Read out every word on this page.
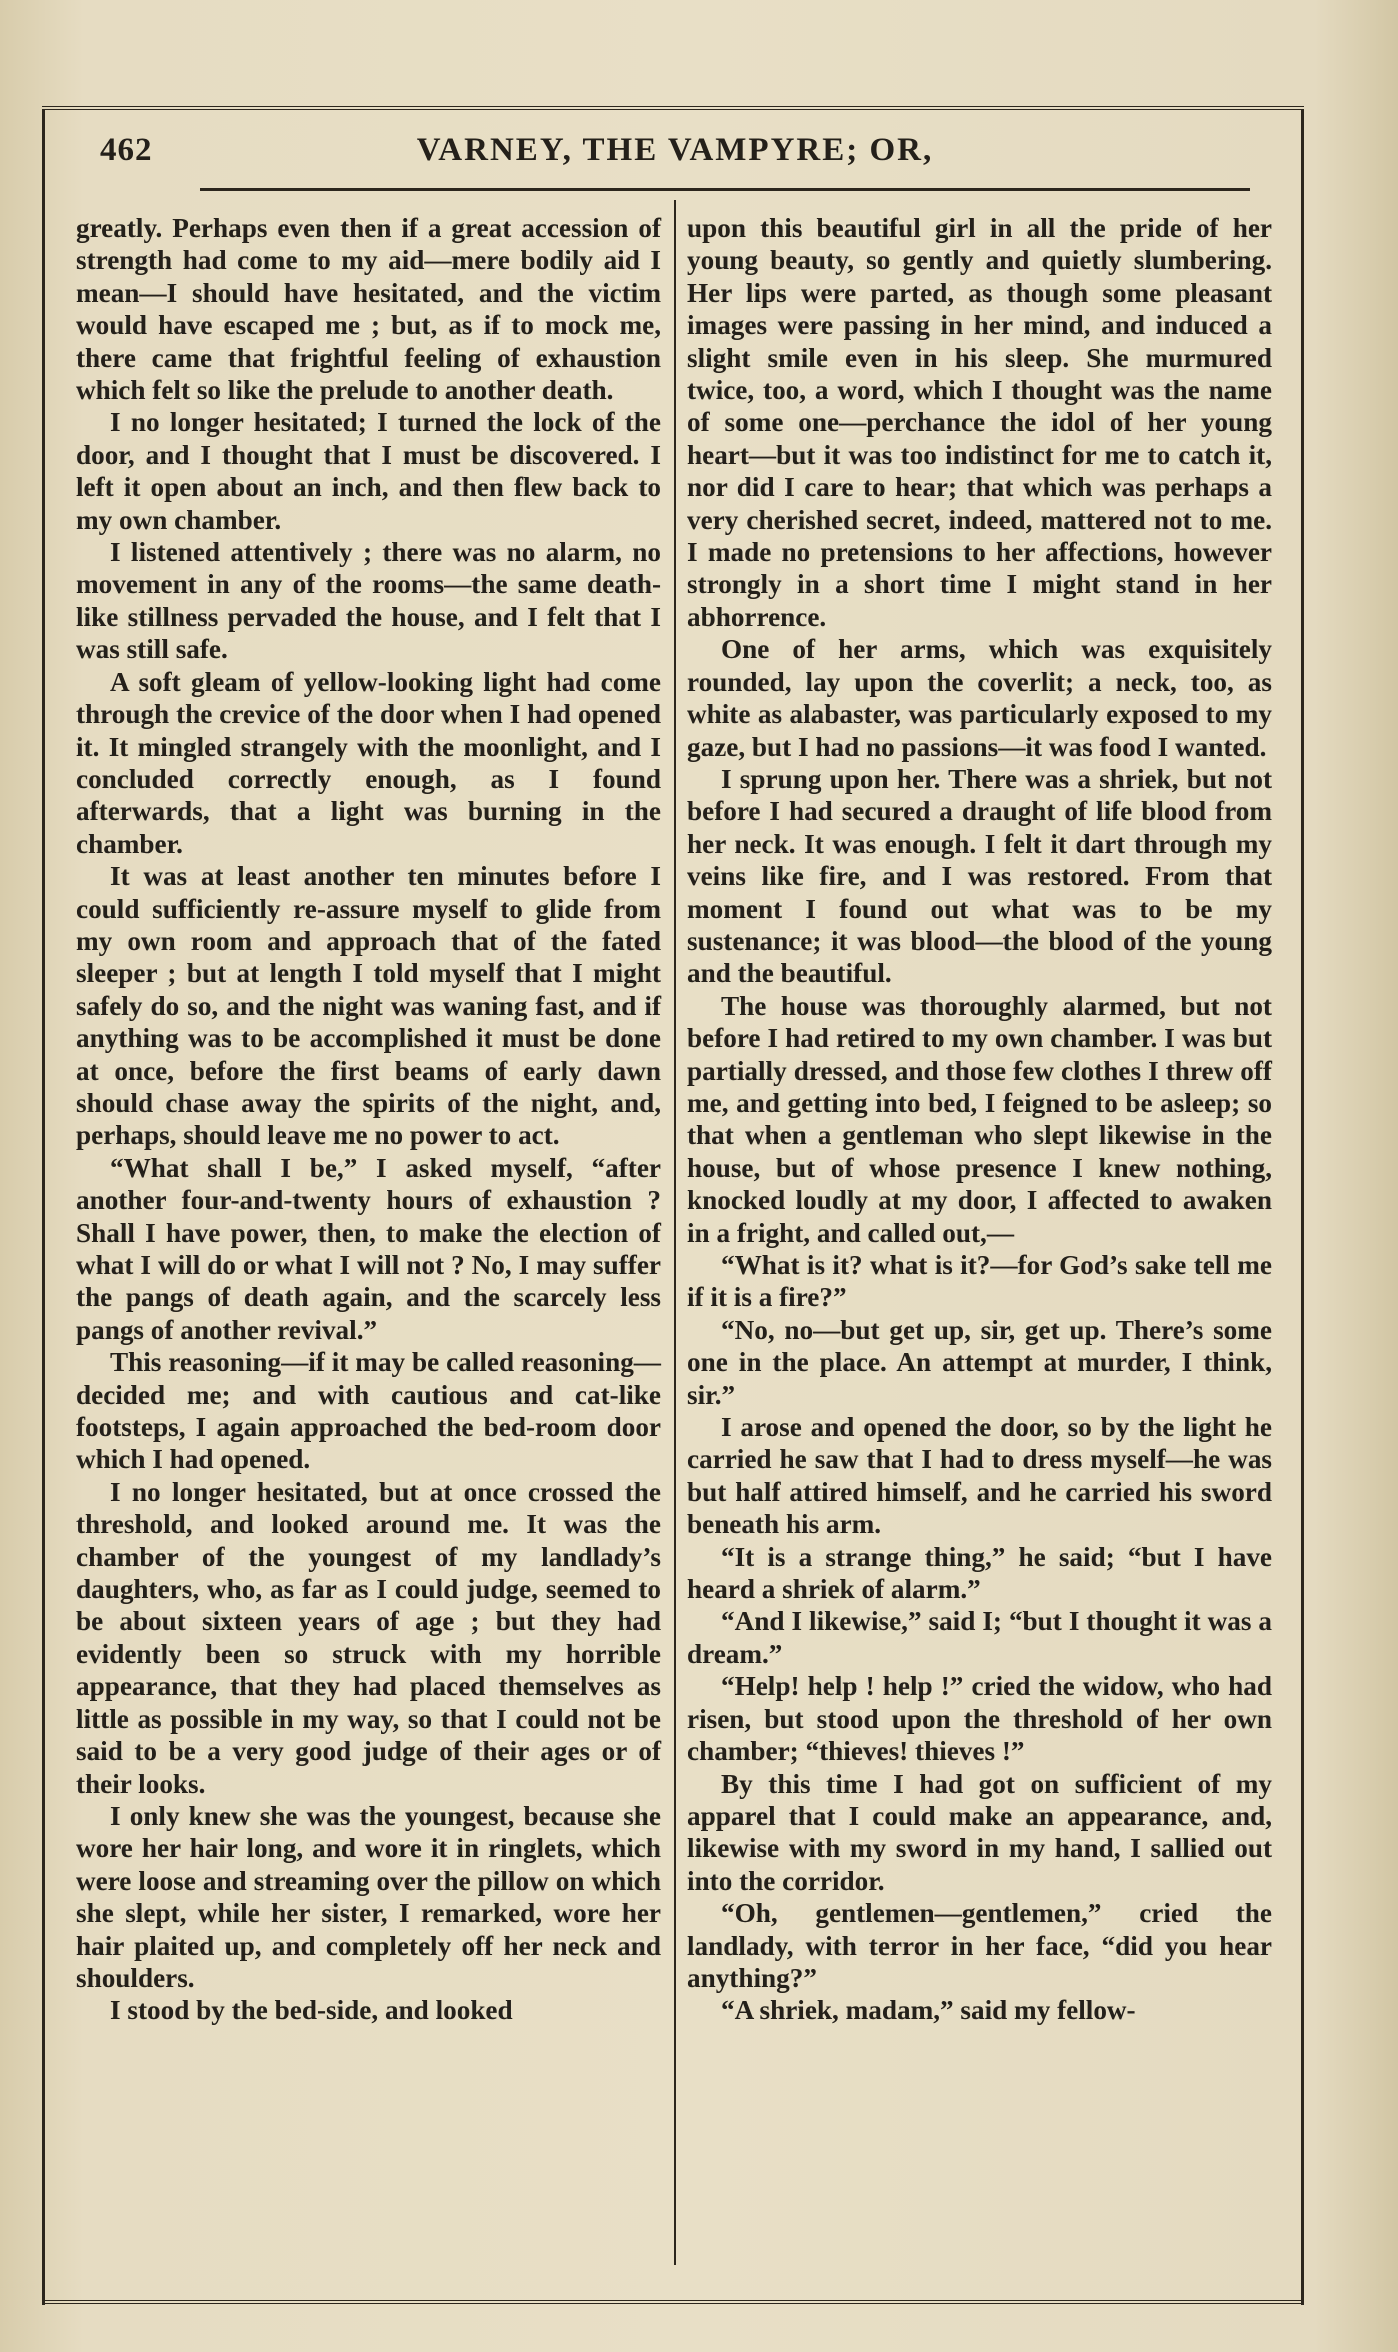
462	VARNEY, THE VAMPYRE; OR,

greatly. Perhaps even then if a great accession of strength had come to my aid—mere bodily aid I mean—I should have hesitated, and the victim would have escaped me ; but, as if to mock me, there came that frightful feeling of exhaustion which felt so like the prelude to another death.

I no longer hesitated; I turned the lock of the door, and I thought that I must be discovered. I left it open about an inch, and then flew back to my own chamber.

I listened attentively ; there was no alarm, no movement in any of the rooms—the same death-like stillness pervaded the house, and I felt that I was still safe.

A soft gleam of yellow-looking light had come through the crevice of the door when I had opened it. It mingled strangely with the moonlight, and I concluded correctly enough, as I found afterwards, that a light was burning in the chamber.

It was at least another ten minutes before I could sufficiently re-assure myself to glide from my own room and approach that of the fated sleeper ; but at length I told myself that I might safely do so, and the night was waning fast, and if anything was to be accomplished it must be done at once, before the first beams of early dawn should chase away the spirits of the night, and, perhaps, should leave me no power to act.

“What shall I be,” I asked myself, “after another four-and-twenty hours of exhaustion ? Shall I have power, then, to make the election of what I will do or what I will not ? No, I may suffer the pangs of death again, and the scarcely less pangs of another revival.”

This reasoning—if it may be called reasoning—decided me; and with cautious and cat-like footsteps, I again approached the bed-room door which I had opened.

I no longer hesitated, but at once crossed the threshold, and looked around me. It was the chamber of the youngest of my landlady’s daughters, who, as far as I could judge, seemed to be about sixteen years of age ; but they had evidently been so struck with my horrible appearance, that they had placed themselves as little as possible in my way, so that I could not be said to be a very good judge of their ages or of their looks.

I only knew she was the youngest, because she wore her hair long, and wore it in ringlets, which were loose and streaming over the pillow on which she slept, while her sister, I remarked, wore her hair plaited up, and completely off her neck and shoulders.

I stood by the bed-side, and looked

upon this beautiful girl in all the pride of her young beauty, so gently and quietly slumbering. Her lips were parted, as though some pleasant images were passing in her mind, and induced a slight smile even in his sleep. She murmured twice, too, a word, which I thought was the name of some one—perchance the idol of her young heart—but it was too indistinct for me to catch it, nor did I care to hear; that which was perhaps a very cherished secret, indeed, mattered not to me. I made no pretensions to her affections, however strongly in a short time I might stand in her abhorrence.

One of her arms, which was exquisitely rounded, lay upon the coverlit; a neck, too, as white as alabaster, was particularly exposed to my gaze, but I had no passions—it was food I wanted.

I sprung upon her. There was a shriek, but not before I had secured a draught of life blood from her neck. It was enough. I felt it dart through my veins like fire, and I was restored. From that moment I found out what was to be my sustenance; it was blood—the blood of the young and the beautiful.

The house was thoroughly alarmed, but not before I had retired to my own chamber. I was but partially dressed, and those few clothes I threw off me, and getting into bed, I feigned to be asleep; so that when a gentleman who slept likewise in the house, but of whose presence I knew nothing, knocked loudly at my door, I affected to awaken in a fright, and called out,—

“What is it? what is it?—for God’s sake tell me if it is a fire?”

“No, no—but get up, sir, get up. There’s some one in the place. An attempt at murder, I think, sir.”

I arose and opened the door, so by the light he carried he saw that I had to dress myself—he was but half attired himself, and he carried his sword beneath his arm.

“It is a strange thing,” he said; “but I have heard a shriek of alarm.”

“And I likewise,” said I; “but I thought it was a dream.”

“Help! help ! help !” cried the widow, who had risen, but stood upon the threshold of her own chamber; “thieves! thieves !”

By this time I had got on sufficient of my apparel that I could make an appearance, and, likewise with my sword in my hand, I sallied out into the corridor.

“Oh, gentlemen—gentlemen,” cried the landlady, with terror in her face, “did you hear anything?”

“A shriek, madam,” said my fellow-
